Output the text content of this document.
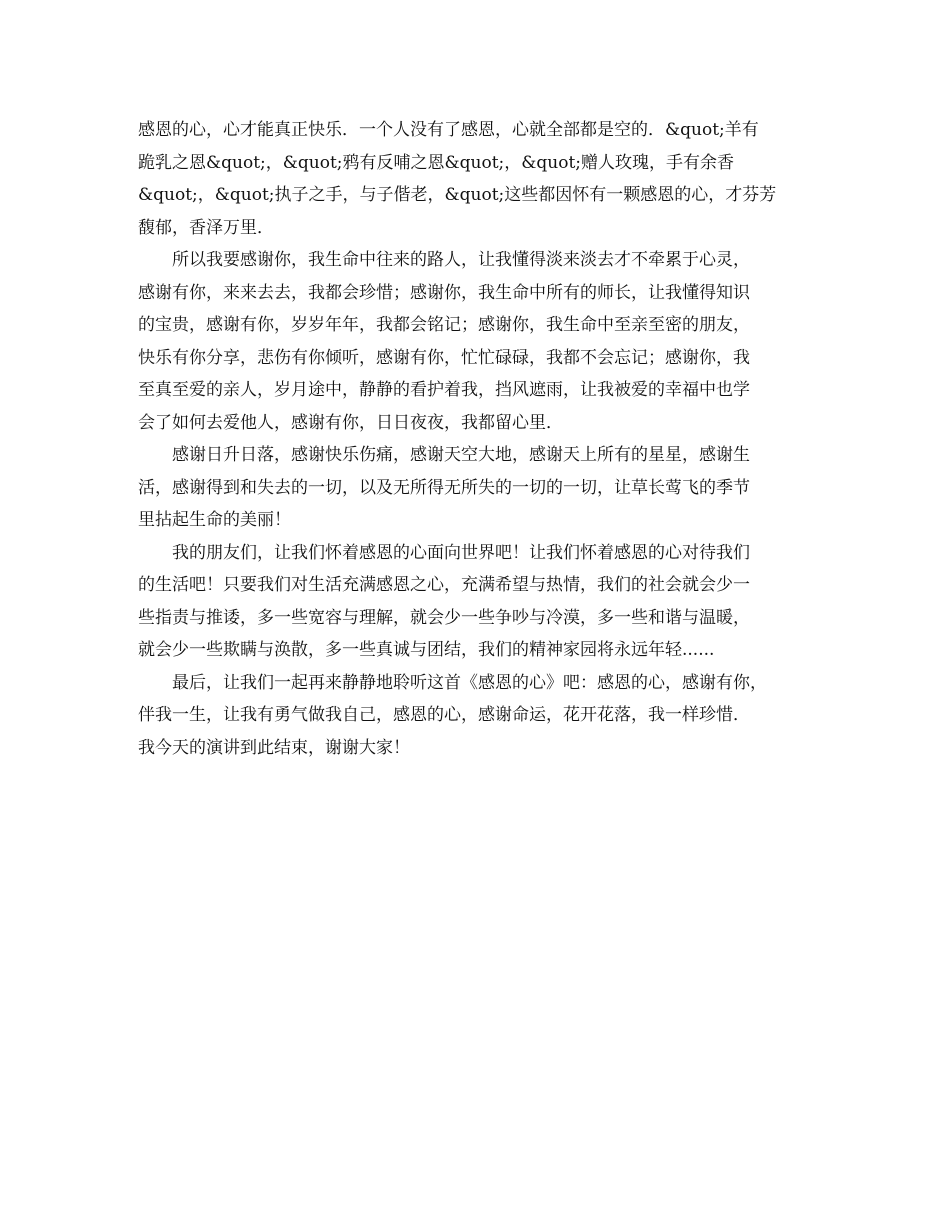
感恩的心，心才能真正快乐．一个人没有了感恩，心就全部都是空的．&quot;羊有
跪乳之恩&quot;，&quot;鸦有反哺之恩&quot;，&quot;赠人玫瑰，手有余香
&quot;，&quot;执子之手，与子偕老，&quot;这些都因怀有一颗感恩的心，才芬芳
馥郁，香泽万里．

所以我要感谢你，我生命中往来的路人，让我懂得淡来淡去才不牵累于心灵，
感谢有你，来来去去，我都会珍惜；感谢你，我生命中所有的师长，让我懂得知识
的宝贵，感谢有你，岁岁年年，我都会铭记；感谢你，我生命中至亲至密的朋友，
快乐有你分享，悲伤有你倾听，感谢有你，忙忙碌碌，我都不会忘记；感谢你，我
至真至爱的亲人，岁月途中，静静的看护着我，挡风遮雨，让我被爱的幸福中也学
会了如何去爱他人，感谢有你，日日夜夜，我都留心里．

感谢日升日落，感谢快乐伤痛，感谢天空大地，感谢天上所有的星星，感谢生
活，感谢得到和失去的一切，以及无所得无所失的一切的一切，让草长莺飞的季节
里拈起生命的美丽！

我的朋友们，让我们怀着感恩的心面向世界吧！让我们怀着感恩的心对待我们
的生活吧！只要我们对生活充满感恩之心，充满希望与热情，我们的社会就会少一
些指责与推诿，多一些宽容与理解，就会少一些争吵与冷漠，多一些和谐与温暖，
就会少一些欺瞒与涣散，多一些真诚与团结，我们的精神家园将永远年轻......

最后，让我们一起再来静静地聆听这首《感恩的心》吧：感恩的心，感谢有你，
伴我一生，让我有勇气做我自己，感恩的心，感谢命运，花开花落，我一样珍惜．
我今天的演讲到此结束，谢谢大家！
